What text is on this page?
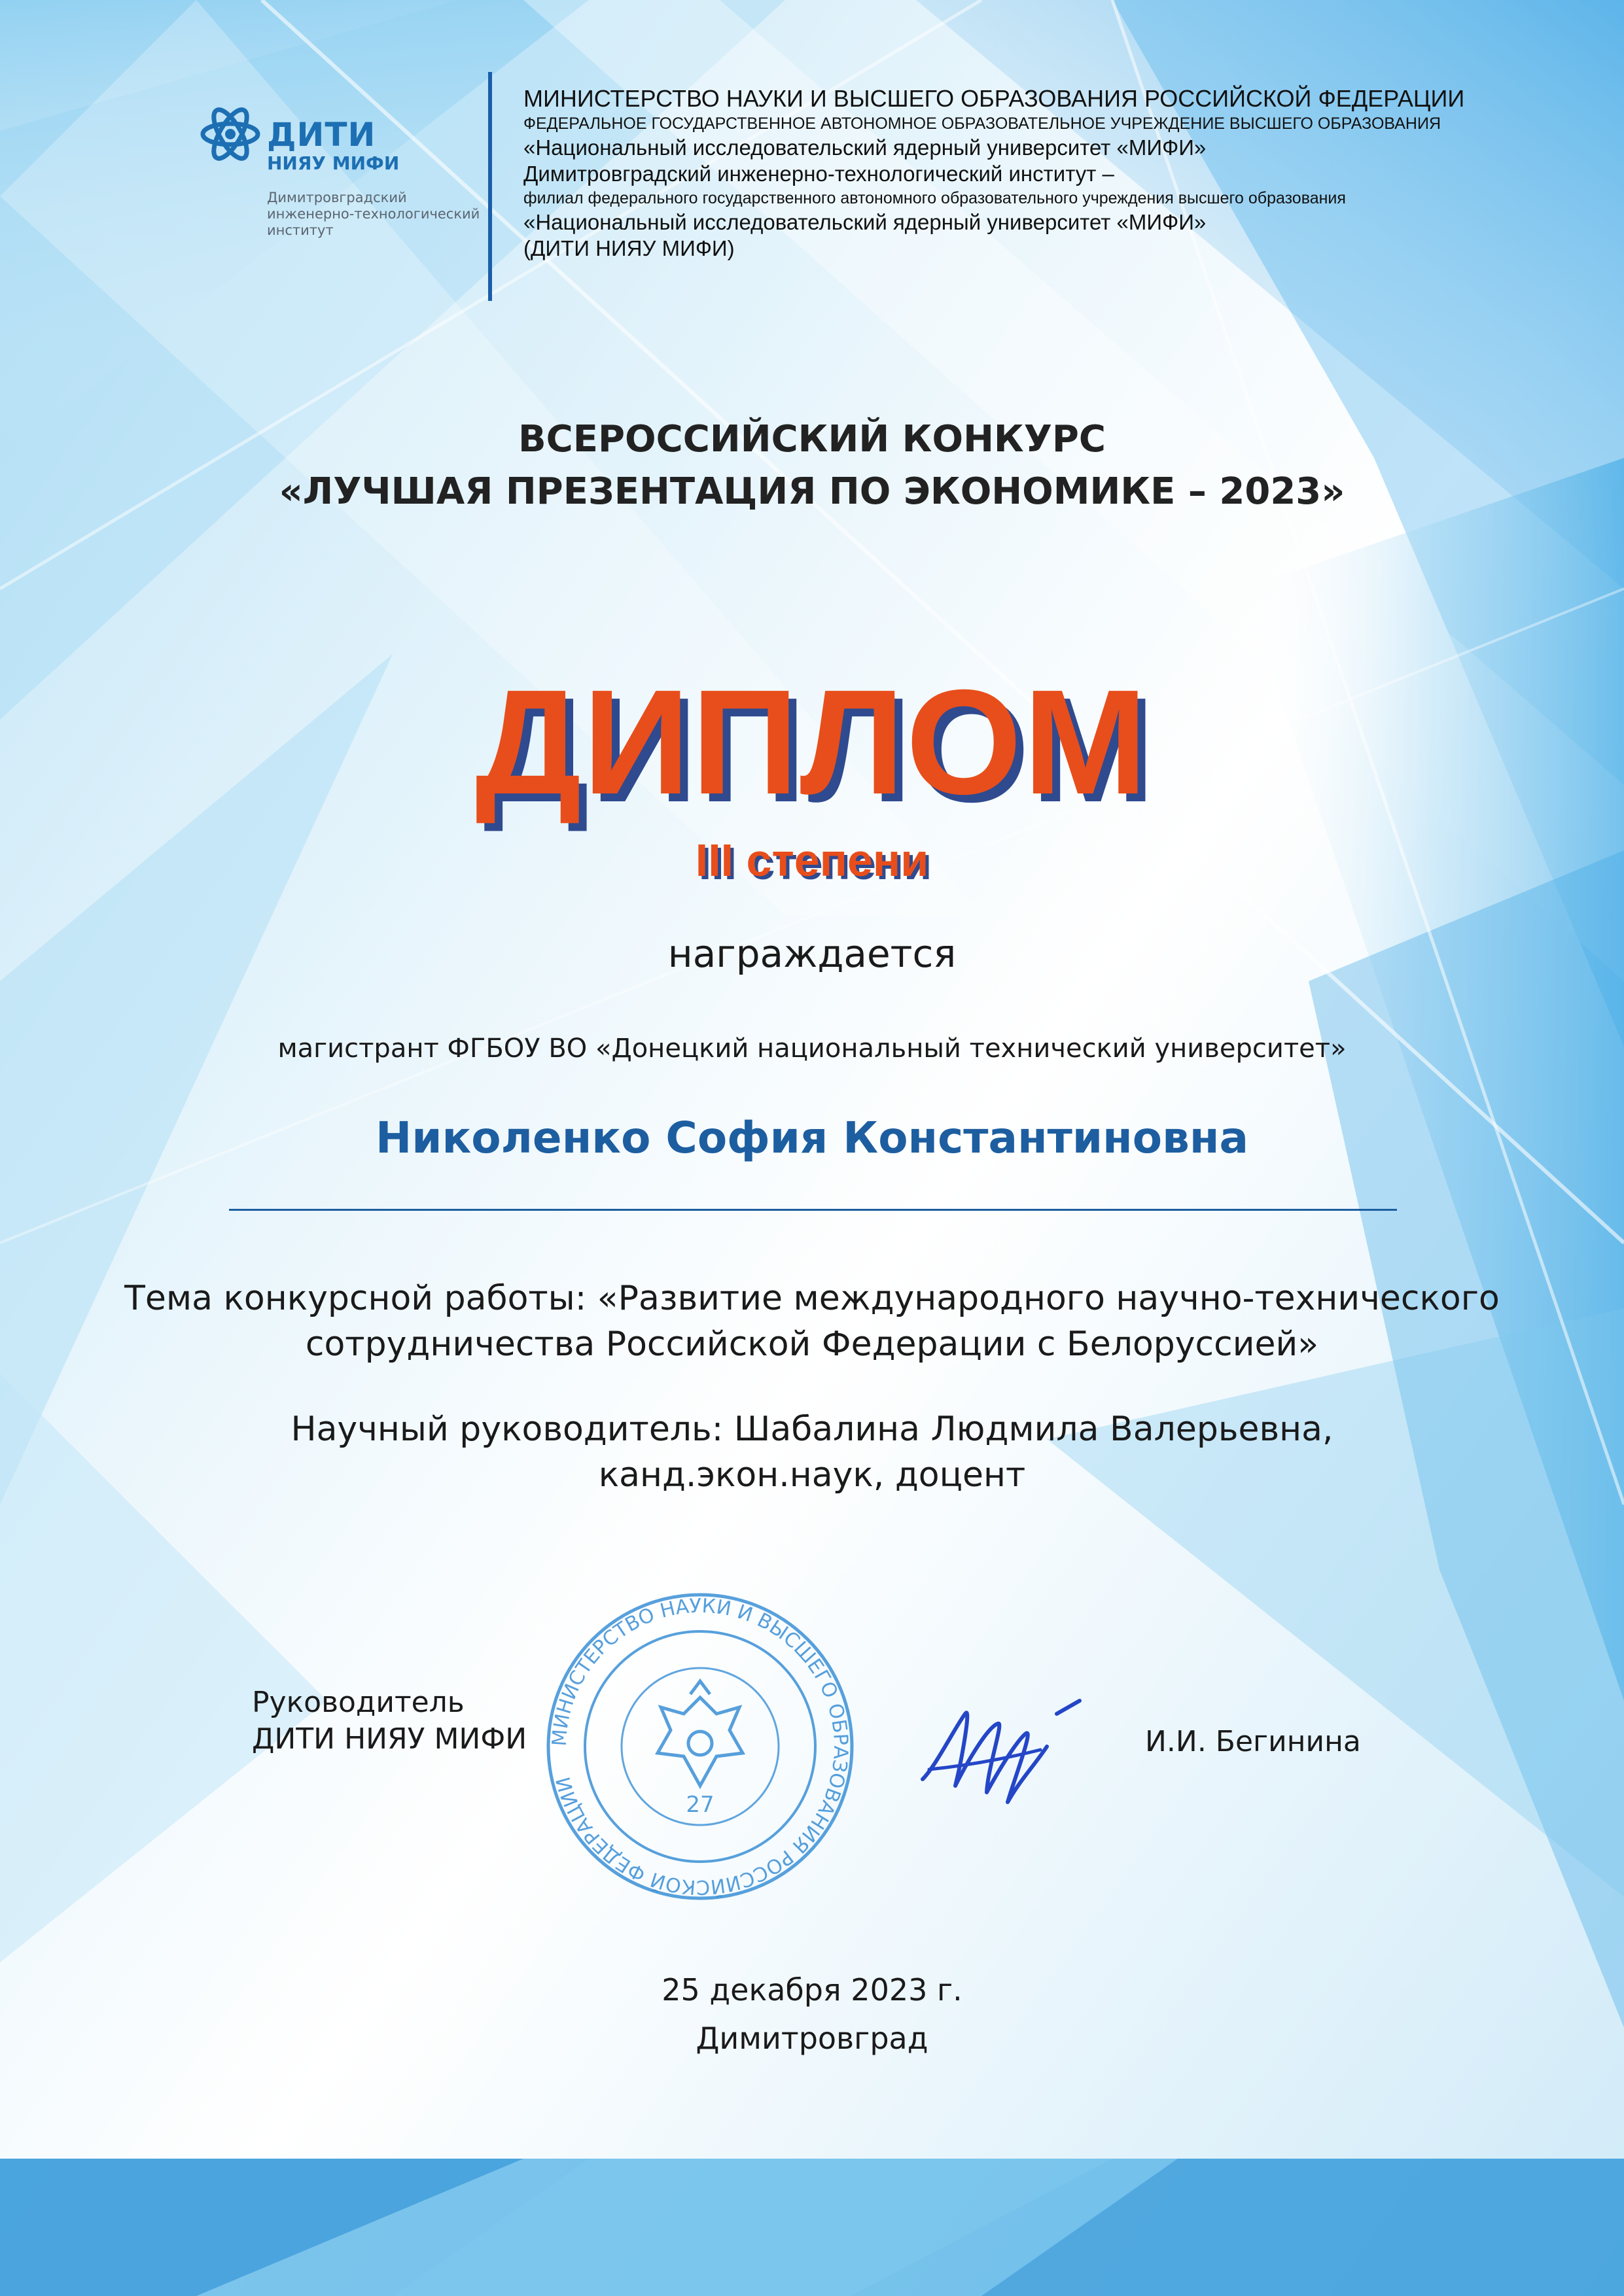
ДИТИ
НИЯУ МИФИ
Димитровградский
инженерно-технологический
институт
МИНИСТЕРСТВО НАУКИ И ВЫСШЕГО ОБРАЗОВАНИЯ РОССИЙСКОЙ ФЕДЕРАЦИИ
ФЕДЕРАЛЬНОЕ ГОСУДАРСТВЕННОЕ АВТОНОМНОЕ ОБРАЗОВАТЕЛЬНОЕ УЧРЕЖДЕНИЕ ВЫСШЕГО ОБРАЗОВАНИЯ
«Национальный исследовательский ядерный университет «МИФИ»
Димитровградский инженерно-технологический институт –
филиал федерального государственного автономного образовательного учреждения высшего образования
«Национальный исследовательский ядерный университет «МИФИ»
(ДИТИ НИЯУ МИФИ)
ВСЕРОССИЙСКИЙ КОНКУРС
«ЛУЧШАЯ ПРЕЗЕНТАЦИЯ ПО ЭКОНОМИКЕ – 2023»
ДИПЛОМ
III степени
награждается
магистрант ФГБОУ ВО «Донецкий национальный технический университет»
Николенко София Константиновна
Тема конкурсной работы: «Развитие международного научно-технического
сотрудничества Российской Федерации с Белоруссией»
Научный руководитель: Шабалина Людмила Валерьевна,
канд.экон.наук, доцент
Руководитель
ДИТИ НИЯУ МИФИ МИНИСТЕРСТВО НАУКИ И ВЫСШЕГО ОБРАЗОВАНИЯ РОССИЙСКОЙ ФЕДЕРАЦИИ
27
И.И. Бегинина
25 декабря 2023 г.
Димитровград
